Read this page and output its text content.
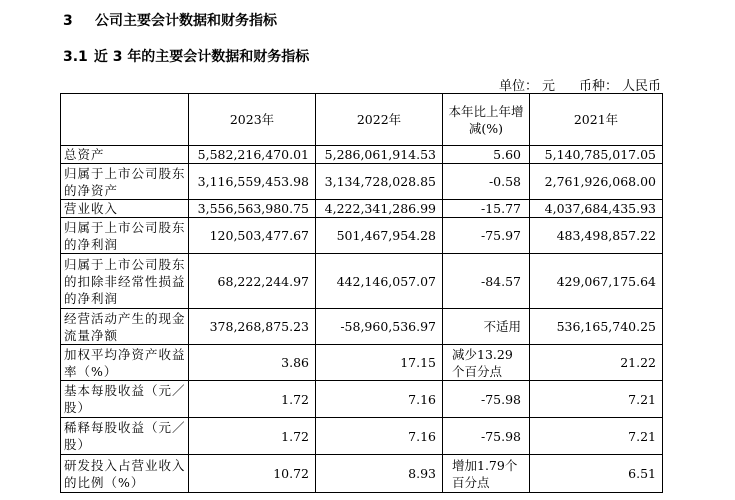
3 公司主要会计数据和财务指标
3.1 近 3 年的主要会计数据和财务指标
单位： 元 币种： 人民币
	2023年	2022年	本年比上年增减(%)	2021年
总资产	5,582,216,470.01	5,286,061,914.53	5.60	5,140,785,017.05
归属于上市公司股东的净资产	3,116,559,453.98	3,134,728,028.85	-0.58	2,761,926,068.00
营业收入	3,556,563,980.75	4,222,341,286.99	-15.77	4,037,684,435.93
归属于上市公司股东的净利润	120,503,477.67	501,467,954.28	-75.97	483,498,857.22
归属于上市公司股东的扣除非经常性损益的净利润	68,222,244.97	442,146,057.07	-84.57	429,067,175.64
经营活动产生的现金流量净额	378,268,875.23	-58,960,536.97	不适用	536,165,740.25
加权平均净资产收益率（%）	3.86	17.15	减少13.29个百分点	21.22
基本每股收益（元／股）	1.72	7.16	-75.98	7.21
稀释每股收益（元／股）	1.72	7.16	-75.98	7.21
研发投入占营业收入的比例（%）	10.72	8.93	增加1.79个百分点	6.51
